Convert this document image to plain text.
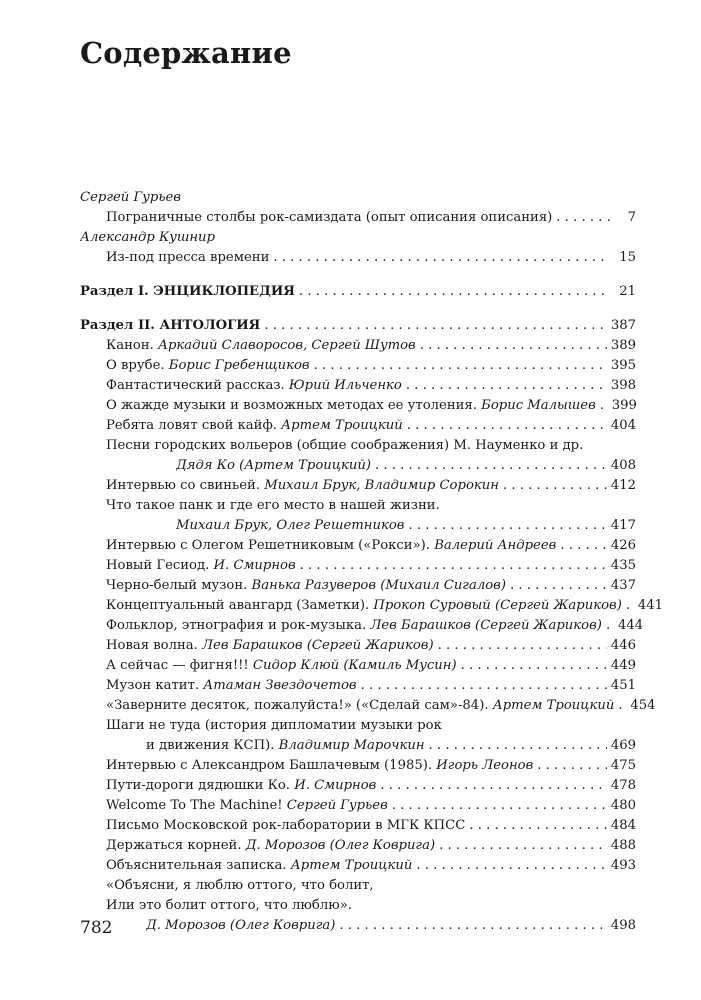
Содержание
Сергей Гурьев
Пограничные столбы рок-самиздата (опыт описания описания) . . .	7
Александр Кушнир
Из-под пресса времени . . .	15
Раздел I. ЭНЦИКЛОПЕДИЯ . . .	21
Раздел II. АНТОЛОГИЯ . . .	387
Канон. Аркадий Славоросов, Сергей Шутов . . .	389
О врубе. Борис Гребенщиков . . .	395
Фантастический рассказ. Юрий Ильченко . . .	398
О жажде музыки и возможных методах ее утоления. Борис Малышев . . . 399
Ребята ловят свой кайф. Артем Троицкий . . .	404
Песни городских вольеров (общие соображения) М. Науменко и др.
Дядя Ко (Артем Троицкий) . . .	408
Интервью со свиньей. Михаил Брук, Владимир Сорокин . . .	412
Что такое панк и где его место в нашей жизни.
Михаил Брук, Олег Решетников . . .	417
Интервью с Олегом Решетниковым («Рокси»). Валерий Андреев . . .	426
Новый Гесиод. И. Смирнов . . .	435
Черно-белый музон. Ванька Разуверов (Михаил Сигалов) . . .	437
Концептуальный авангард (Заметки). Прокоп Суровый (Сергей Жариков) . . . 441
Фольклор, этнография и рок-музыка. Лев Барашков (Сергей Жариков) . . . 444
Новая волна. Лев Барашков (Сергей Жариков) . . .	446
А сейчас — фигня!!! Сидор Клюй (Камиль Мусин) . . .	449
Музон катит. Атаман Звездочетов . . .	451
«Заверните десяток, пожалуйста!» («Сделай сам»-84). Артем Троицкий . . . 454
Шаги не туда (история дипломатии музыки рок
и движения КСП). Владимир Марочкин . . .	469
Интервью с Александром Башлачевым (1985). Игорь Леонов . . .	475
Пути-дороги дядюшки Ко. И. Смирнов . . .	478
Welcome To The Machine! Сергей Гурьев . . .	480
Письмо Московской рок-лаборатории в МГК КПСС . . .	484
Держаться корней. Д. Морозов (Олег Коврига) . . .	488
Объяснительная записка. Артем Троицкий . . .	493
«Объясни, я люблю оттого, что болит,
Или это болит оттого, что люблю».
Д. Морозов (Олег Коврига) . . .	498
782
